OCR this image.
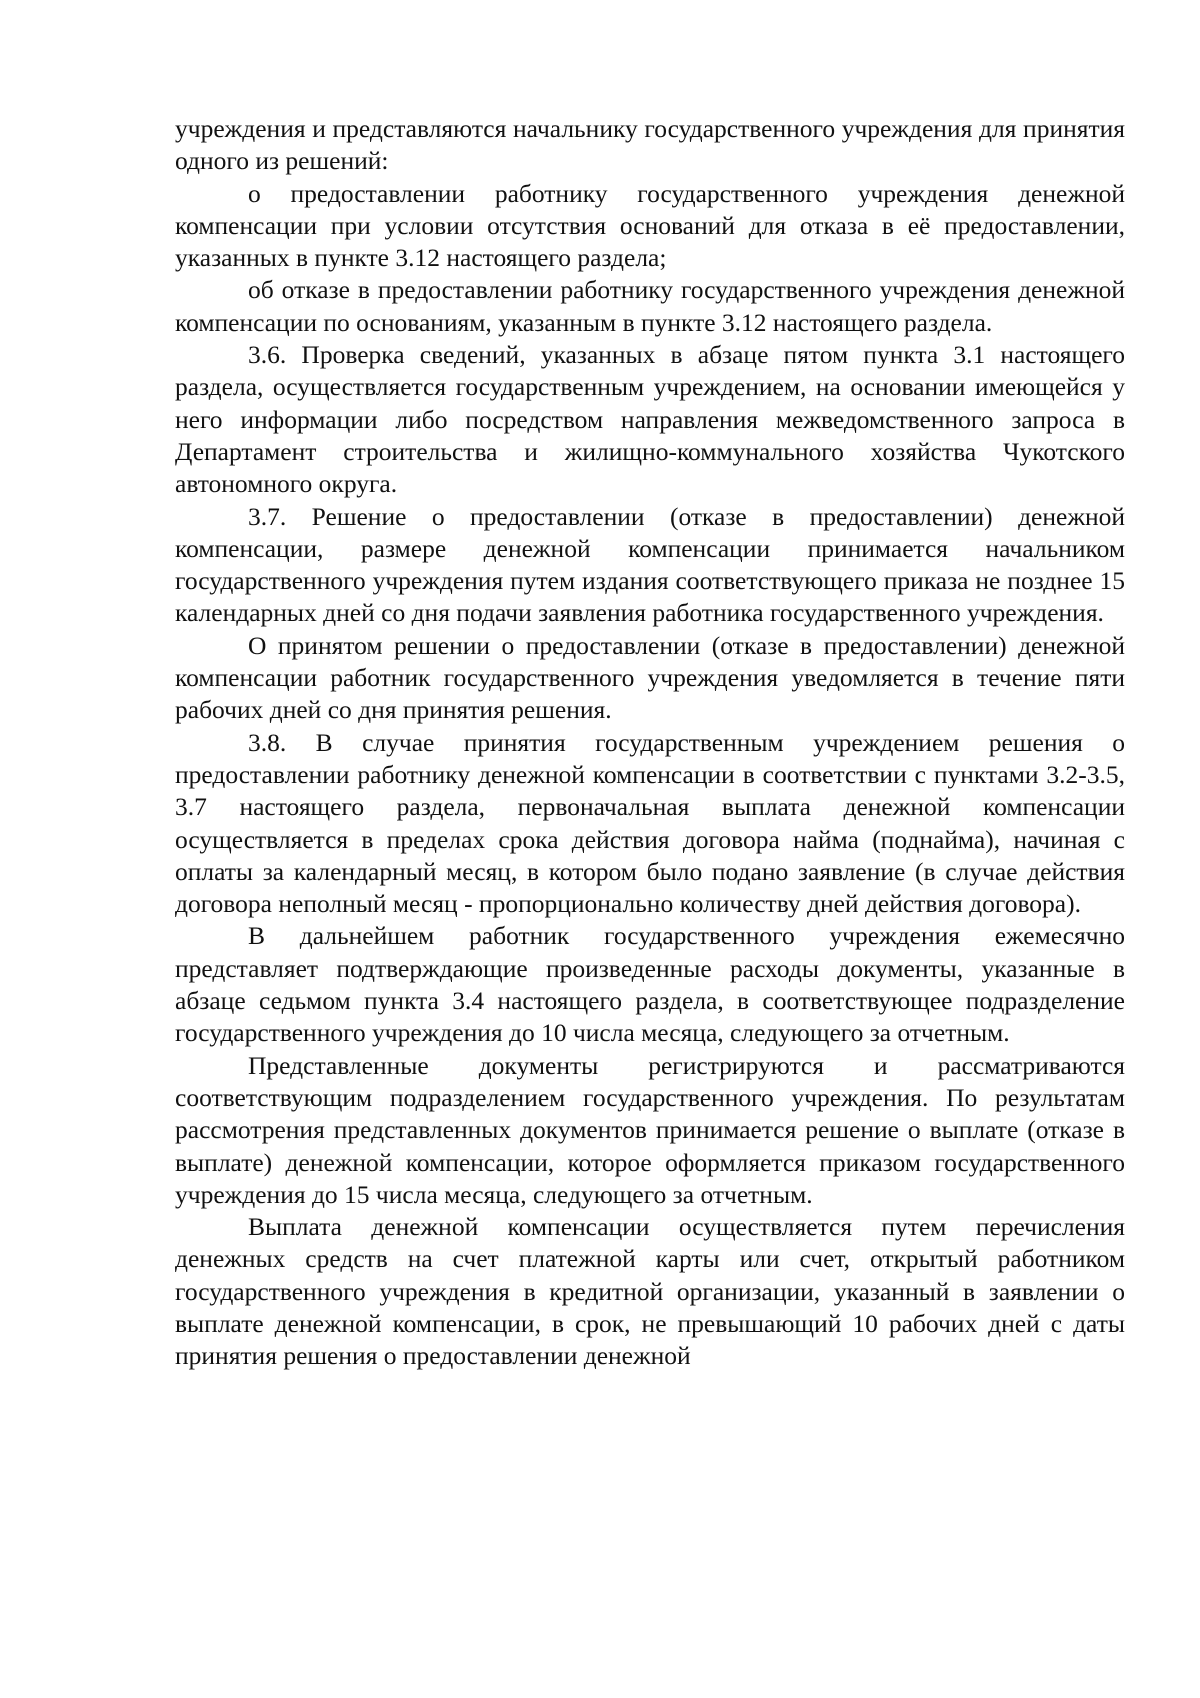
учреждения и представляются начальнику государственного учреждения для принятия одного из решений:

о предоставлении работнику государственного учреждения денежной компенсации при условии отсутствия оснований для отказа в её предоставлении, указанных в пункте 3.12 настоящего раздела;

об отказе в предоставлении работнику государственного учреждения денежной компенсации по основаниям, указанным в пункте 3.12 настоящего раздела.

3.6. Проверка сведений, указанных в абзаце пятом пункта 3.1 настоящего раздела, осуществляется государственным учреждением, на основании имеющейся у него информации либо посредством направления межведомственного запроса в Департамент строительства и жилищно-коммунального хозяйства Чукотского автономного округа.

3.7. Решение о предоставлении (отказе в предоставлении) денежной компенсации, размере денежной компенсации принимается начальником государственного учреждения путем издания соответствующего приказа не позднее 15 календарных дней со дня подачи заявления работника государственного учреждения.

О принятом решении о предоставлении (отказе в предоставлении) денежной компенсации работник государственного учреждения уведомляется в течение пяти рабочих дней со дня принятия решения.

3.8. В случае принятия государственным учреждением решения о предоставлении работнику денежной компенсации в соответствии с пунктами 3.2-3.5, 3.7 настоящего раздела, первоначальная выплата денежной компенсации осуществляется в пределах срока действия договора найма (поднайма), начиная с оплаты за календарный месяц, в котором было подано заявление (в случае действия договора неполный месяц - пропорционально количеству дней действия договора).

В дальнейшем работник государственного учреждения ежемесячно представляет подтверждающие произведенные расходы документы, указанные в абзаце седьмом пункта 3.4 настоящего раздела, в соответствующее подразделение государственного учреждения до 10 числа месяца, следующего за отчетным.

Представленные документы регистрируются и рассматриваются соответствующим подразделением государственного учреждения. По результатам рассмотрения представленных документов принимается решение о выплате (отказе в выплате) денежной компенсации, которое оформляется приказом государственного учреждения до 15 числа месяца, следующего за отчетным.

Выплата денежной компенсации осуществляется путем перечисления денежных средств на счет платежной карты или счет, открытый работником государственного учреждения в кредитной организации, указанный в заявлении о выплате денежной компенсации, в срок, не превышающий 10 рабочих дней с даты принятия решения о предоставлении денежной
